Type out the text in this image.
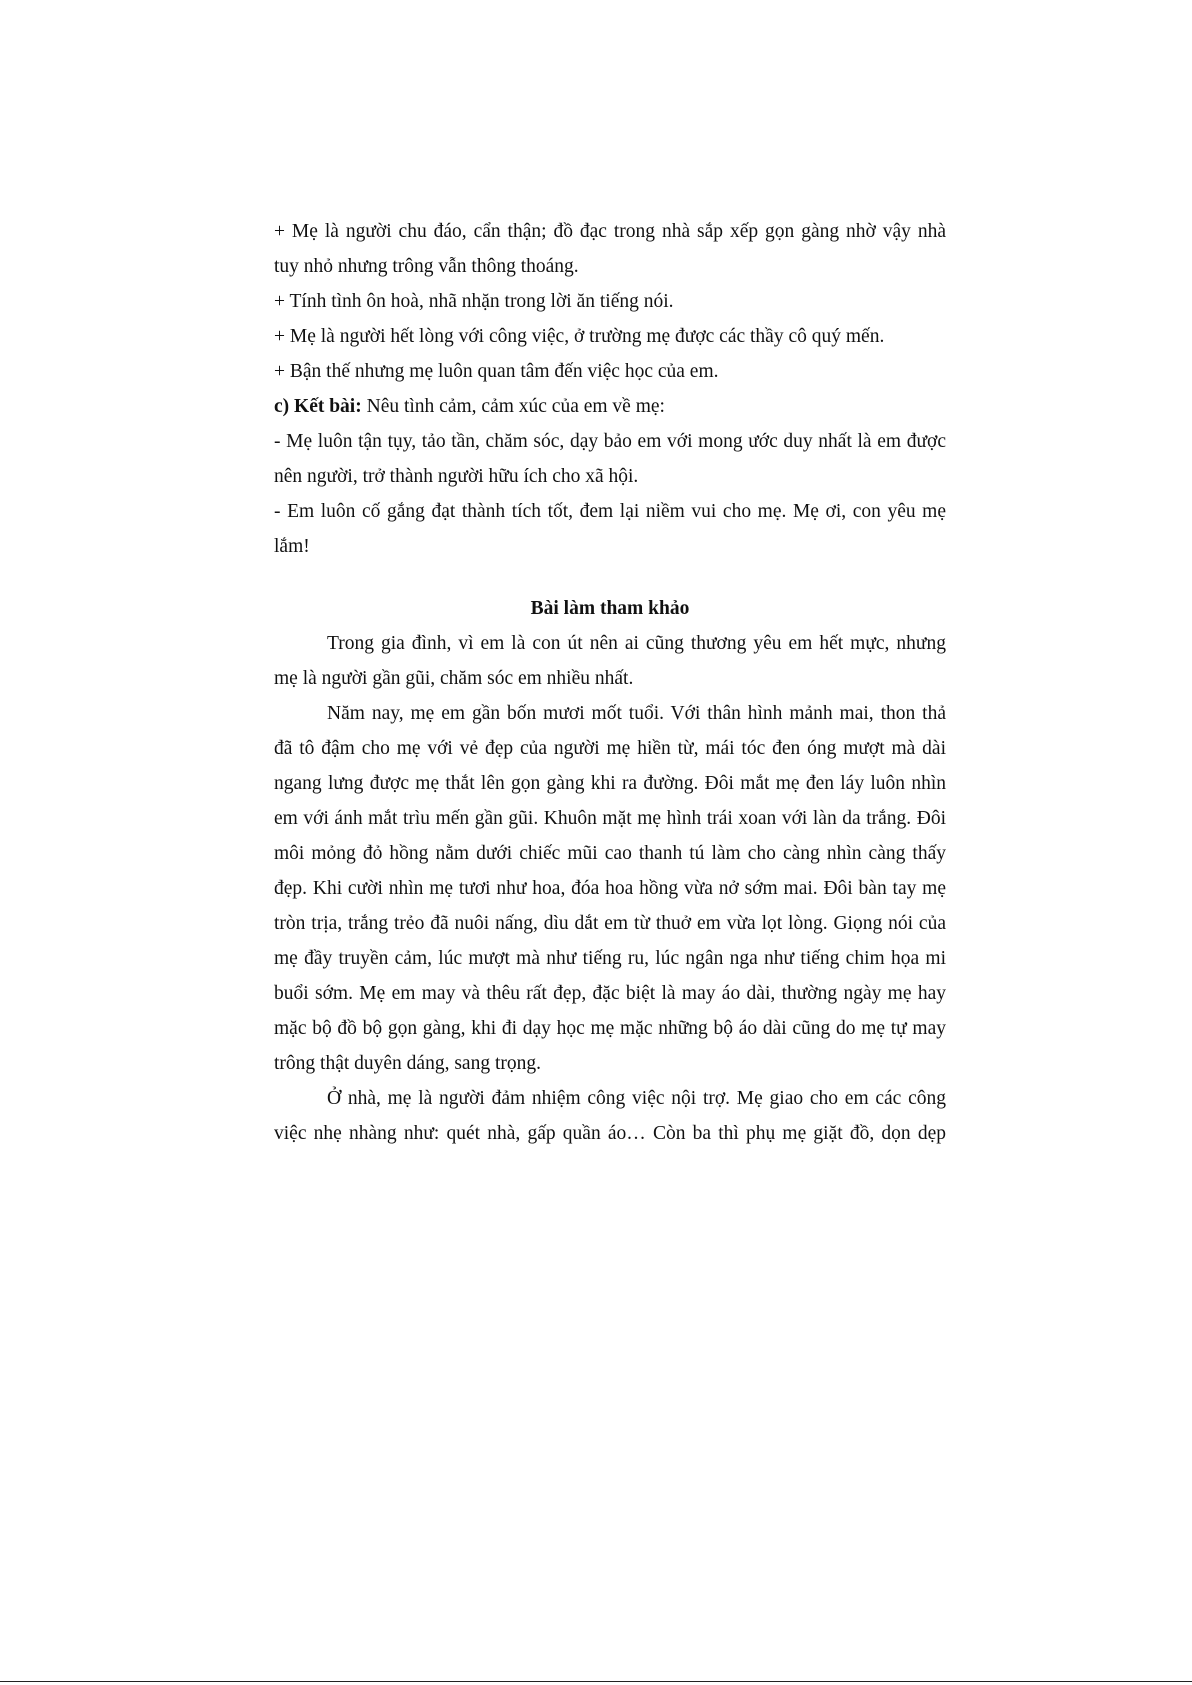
+ Mẹ là người chu đáo, cẩn thận; đồ đạc trong nhà sắp xếp gọn gàng nhờ vậy nhà
tuy nhỏ nhưng trông vẫn thông thoáng.
+ Tính tình ôn hoà, nhã nhặn trong lời ăn tiếng nói.
+ Mẹ là người hết lòng với công việc, ở trường mẹ được các thầy cô quý mến.
+ Bận thế nhưng mẹ luôn quan tâm đến việc học của em.
c) Kết bài: Nêu tình cảm, cảm xúc của em về mẹ:
- Mẹ luôn tận tụy, tảo tần, chăm sóc, dạy bảo em với mong ước duy nhất là em được
nên người, trở thành người hữu ích cho xã hội.
- Em luôn cố gắng đạt thành tích tốt, đem lại niềm vui cho mẹ. Mẹ ơi, con yêu mẹ
lắm!
Bài làm tham khảo
Trong gia đình, vì em là con út nên ai cũng thương yêu em hết mực, nhưng
mẹ là người gần gũi, chăm sóc em nhiều nhất.
Năm nay, mẹ em gần bốn mươi mốt tuổi. Với thân hình mảnh mai, thon thả
đã tô đậm cho mẹ với vẻ đẹp của người mẹ hiền từ, mái tóc đen óng mượt mà dài
ngang lưng được mẹ thắt lên gọn gàng khi ra đường. Đôi mắt mẹ đen láy luôn nhìn
em với ánh mắt trìu mến gần gũi. Khuôn mặt mẹ hình trái xoan với làn da trắng. Đôi
môi mỏng đỏ hồng nằm dưới chiếc mũi cao thanh tú làm cho càng nhìn càng thấy
đẹp. Khi cười nhìn mẹ tươi như hoa, đóa hoa hồng vừa nở sớm mai. Đôi bàn tay mẹ
tròn trịa, trắng trẻo đã nuôi nấng, dìu dắt em từ thuở em vừa lọt lòng. Giọng nói của
mẹ đầy truyền cảm, lúc mượt mà như tiếng ru, lúc ngân nga như tiếng chim họa mi
buổi sớm. Mẹ em may và thêu rất đẹp, đặc biệt là may áo dài, thường ngày mẹ hay
mặc bộ đồ bộ gọn gàng, khi đi dạy học mẹ mặc những bộ áo dài cũng do mẹ tự may
trông thật duyên dáng, sang trọng.
Ở nhà, mẹ là người đảm nhiệm công việc nội trợ. Mẹ giao cho em các công
việc nhẹ nhàng như: quét nhà, gấp quần áo… Còn ba thì phụ mẹ giặt đồ, dọn dẹp
